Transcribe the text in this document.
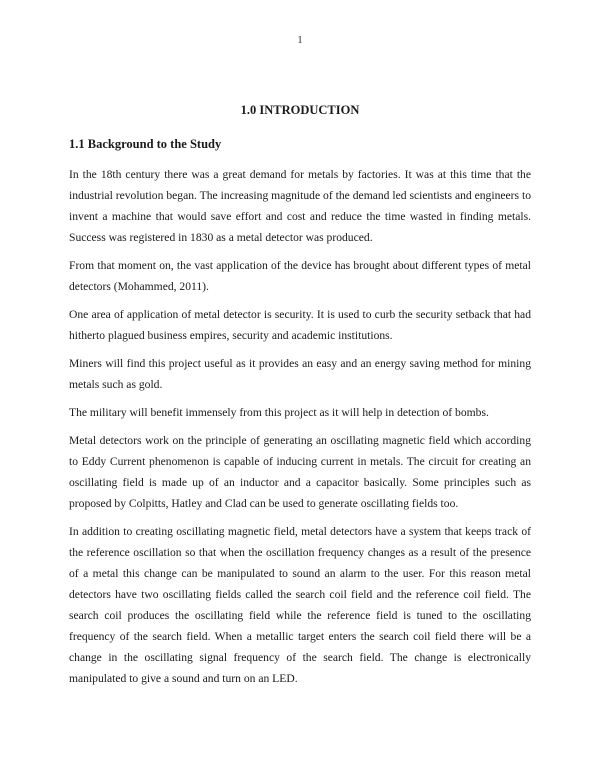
1
1.0 INTRODUCTION
1.1 Background to the Study

In the 18th century there was a great demand for metals by factories. It was at this time that the industrial revolution began. The increasing magnitude of the demand led scientists and engineers to invent a machine that would save effort and cost and reduce the time wasted in finding metals. Success was registered in 1830 as a metal detector was produced.

From that moment on, the vast application of the device has brought about different types of metal detectors (Mohammed, 2011).

One area of application of metal detector is security. It is used to curb the security setback that had hitherto plagued business empires, security and academic institutions.

Miners will find this project useful as it provides an easy and an energy saving method for mining metals such as gold.

The military will benefit immensely from this project as it will help in detection of bombs.

Metal detectors work on the principle of generating an oscillating magnetic field which according to Eddy Current phenomenon is capable of inducing current in metals. The circuit for creating an oscillating field is made up of an inductor and a capacitor basically. Some principles such as proposed by Colpitts, Hatley and Clad can be used to generate oscillating fields too.

In addition to creating oscillating magnetic field, metal detectors have a system that keeps track of the reference oscillation so that when the oscillation frequency changes as a result of the presence of a metal this change can be manipulated to sound an alarm to the user. For this reason metal detectors have two oscillating fields called the search coil field and the reference coil field. The search coil produces the oscillating field while the reference field is tuned to the oscillating frequency of the search field. When a metallic target enters the search coil field there will be a change in the oscillating signal frequency of the search field. The change is electronically manipulated to give a sound and turn on an LED.
